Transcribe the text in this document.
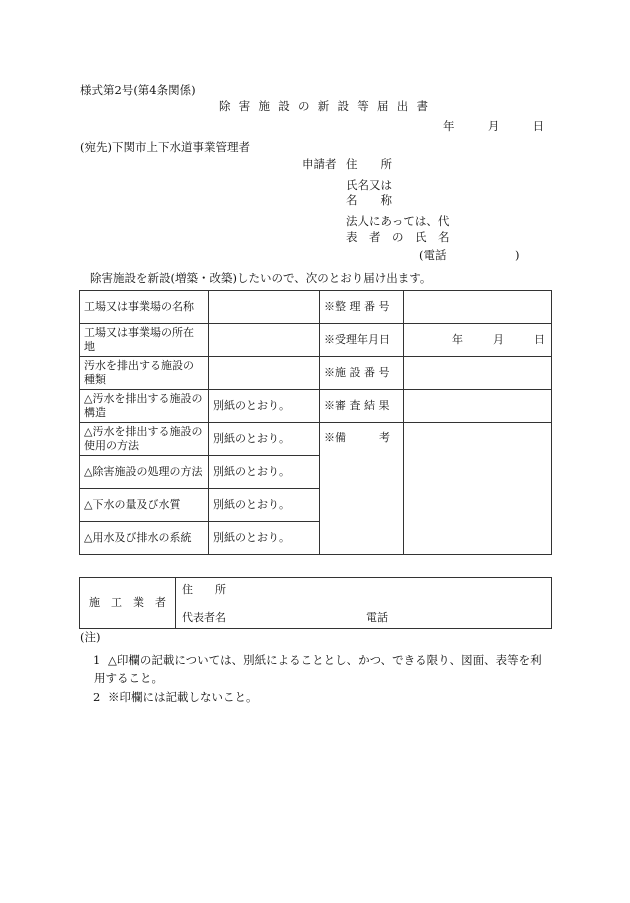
様式第2号(第4条関係)
除 害 施 設 の 新 設 等 届 出 書
年	月	日
(宛先)下関市上下水道事業管理者
申請者 住　　所
氏名又は
名　　称
法人にあっては、代
表　者　の　氏　名
(電話	)
除害施設を新設(増築・改築)したいので、次のとおり届け出ます。
工場又は事業場の名称		※整 理 番 号	
工場又は事業場の所在地		※受理年月日	年 月 日
汚水を排出する施設の種類		※施 設 番 号	
△汚水を排出する施設の構造	別紙のとおり。	※審 査 結 果	
△汚水を排出する施設の使用の方法	別紙のとおり。	※備　　　考	
△除害施設の処理の方法	別紙のとおり。		
△下水の量及び水質	別紙のとおり。		
△用水及び排水の系統	別紙のとおり。		
施　工　業　者	
住　　所
代表者名	電話
(注)
1 △印欄の記載については、別紙によることとし、かつ、できる限り、図面、表等を利
用すること。
2 ※印欄には記載しないこと。
